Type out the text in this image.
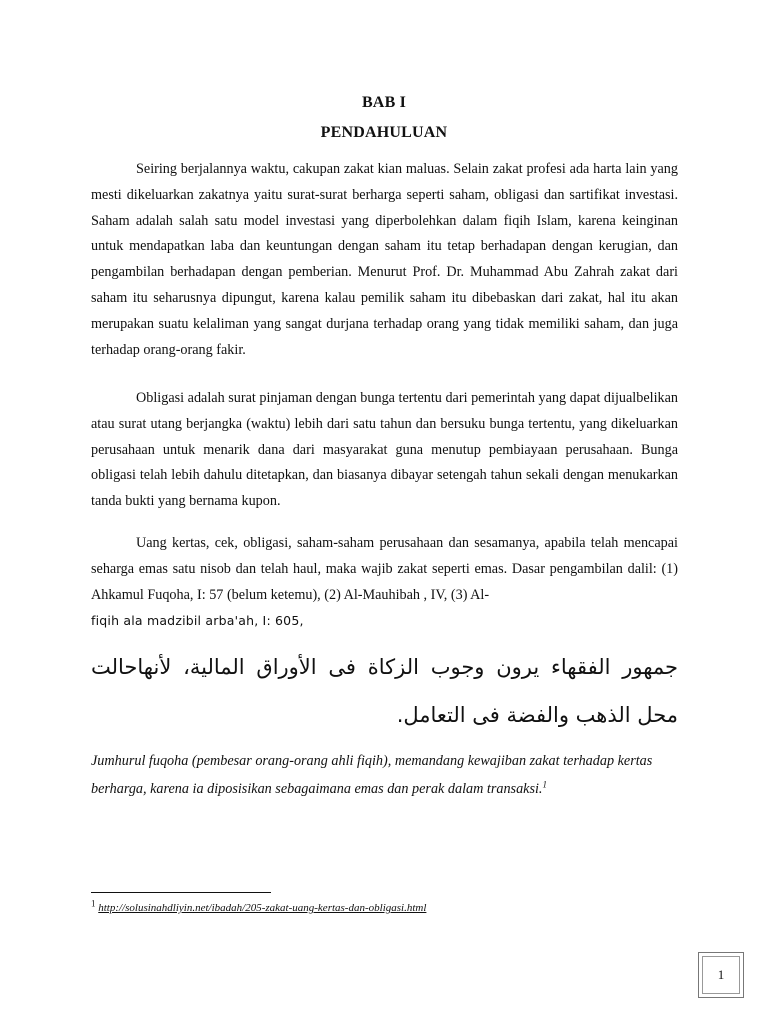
BAB I
PENDAHULUAN

Seiring berjalannya waktu, cakupan zakat kian maluas. Selain zakat profesi ada harta lain yang mesti dikeluarkan zakatnya yaitu surat-surat berharga seperti saham, obligasi dan sartifikat investasi. Saham adalah salah satu model investasi yang diperbolehkan dalam fiqih Islam, karena keinginan untuk mendapatkan laba dan keuntungan dengan saham itu tetap berhadapan dengan kerugian, dan pengambilan berhadapan dengan pemberian. Menurut Prof. Dr. Muhammad Abu Zahrah zakat dari saham itu seharusnya dipungut, karena kalau pemilik saham itu dibebaskan dari zakat, hal itu akan merupakan suatu kelaliman yang sangat durjana terhadap orang yang tidak memiliki saham, dan juga terhadap orang-orang fakir.

Obligasi adalah surat pinjaman dengan bunga tertentu dari pemerintah yang dapat dijualbelikan atau surat utang berjangka (waktu) lebih dari satu tahun dan bersuku bunga tertentu, yang dikeluarkan perusahaan untuk menarik dana dari masyarakat guna menutup pembiayaan perusahaan. Bunga obligasi telah lebih dahulu ditetapkan, dan biasanya dibayar setengah tahun sekali dengan menukarkan tanda bukti yang bernama kupon.

Uang kertas, cek, obligasi, saham-saham perusahaan dan sesamanya, apabila telah mencapai seharga emas satu nisob dan telah haul, maka wajib zakat seperti emas. Dasar pengambilan dalil: (1) Ahkamul Fuqoha, I: 57 (belum ketemu), (2) Al-Mauhibah , IV, (3) Al-
fiqih ala madzibil arba'ah, I: 605,

جمهور الفقهاء يرون وجوب الزكاة فى الأوراق المالية، لأنهاحالت محل الذهب والفضة فى التعامل.

Jumhurul fuqoha (pembesar orang-orang ahli fiqih), memandang kewajiban zakat terhadap kertas berharga, karena ia diposisikan sebagaimana emas dan perak dalam transaksi.$^1$

$^1$ http://solusinahdliyin.net/ibadah/205-zakat-uang-kertas-dan-obligasi.html
1
